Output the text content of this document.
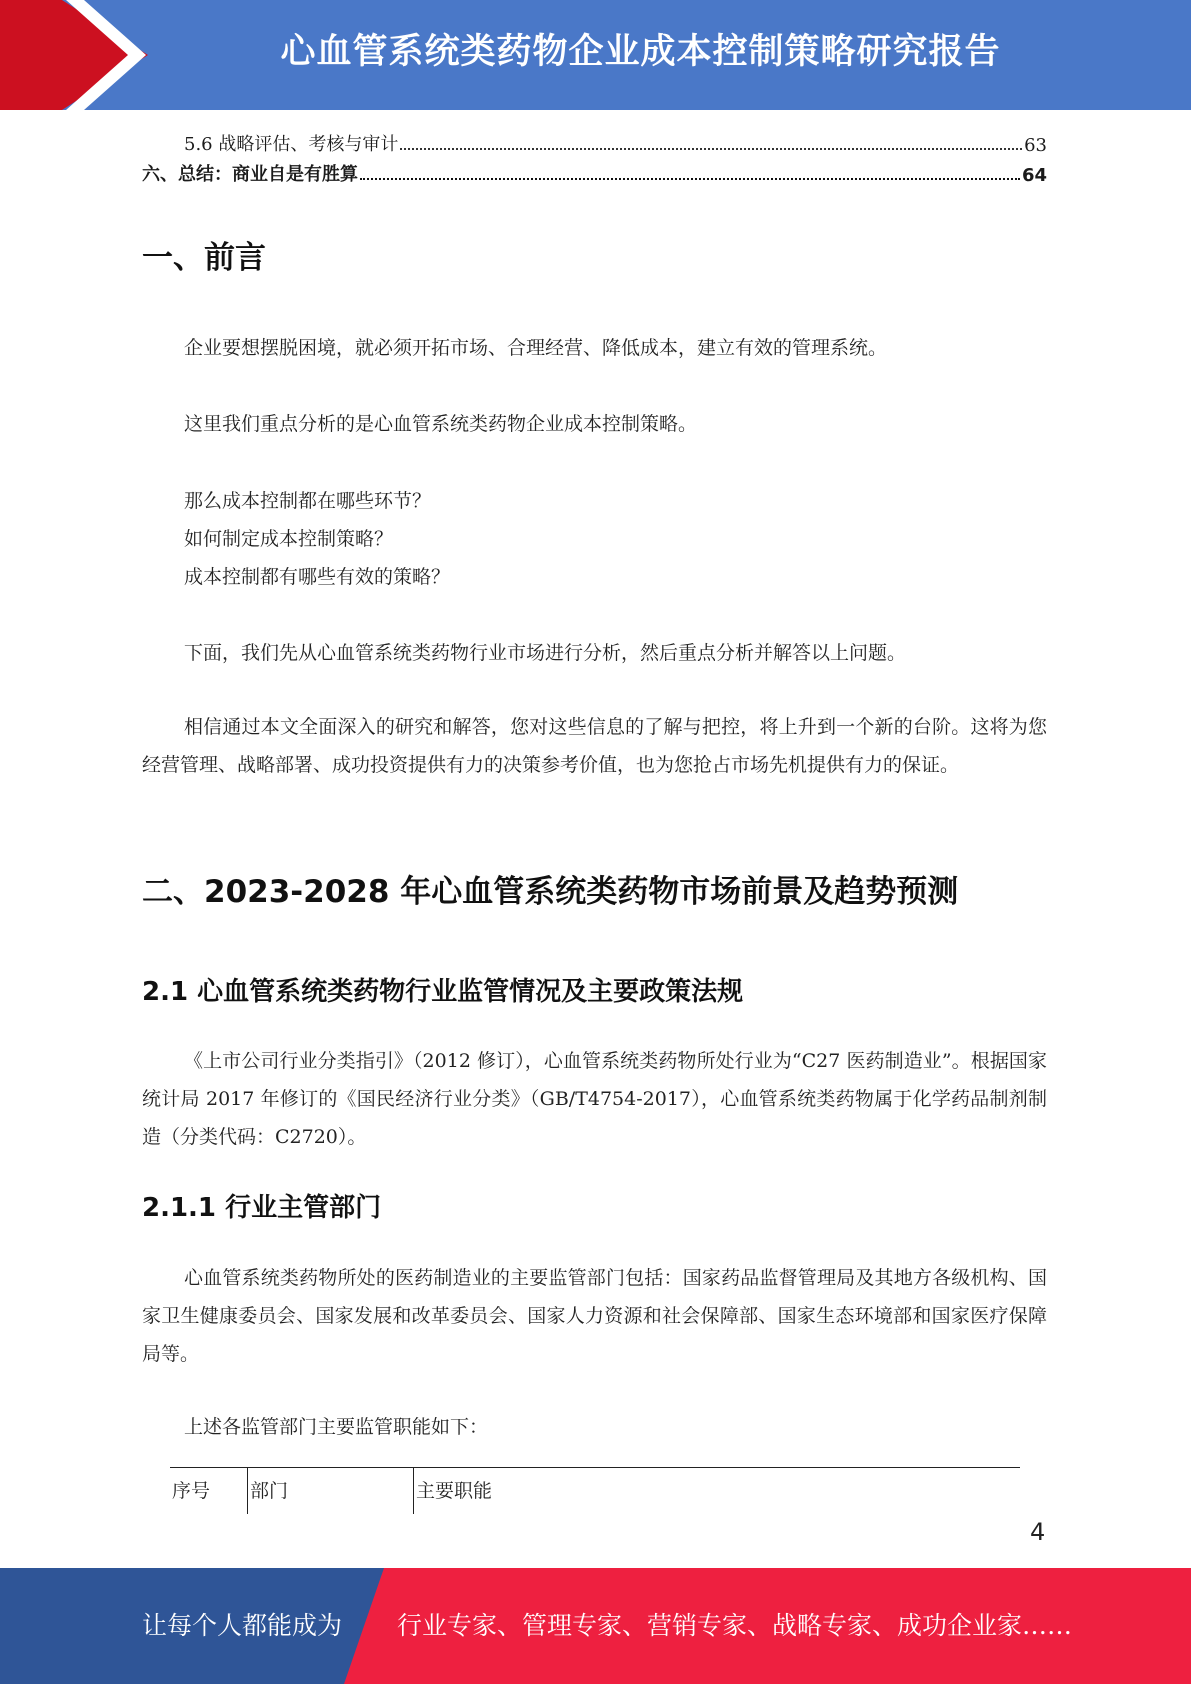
心血管系统类药物企业成本控制策略研究报告
5.6 战略评估、考核与审计	63
六、总结：商业自是有胜算	64
一、前言
企业要想摆脱困境，就必须开拓市场、合理经营、降低成本，建立有效的管理系统。
这里我们重点分析的是心血管系统类药物企业成本控制策略。
那么成本控制都在哪些环节？
如何制定成本控制策略？
成本控制都有哪些有效的策略？
下面，我们先从心血管系统类药物行业市场进行分析，然后重点分析并解答以上问题。
相信通过本文全面深入的研究和解答，您对这些信息的了解与把控，将上升到一个新的台阶。这将为您经营管理、战略部署、成功投资提供有力的决策参考价值，也为您抢占市场先机提供有力的保证。
二、2023-2028 年心血管系统类药物市场前景及趋势预测
2.1 心血管系统类药物行业监管情况及主要政策法规
《上市公司行业分类指引》（2012 修订），心血管系统类药物所处行业为“C27 医药制造业”。根据国家统计局 2017 年修订的《国民经济行业分类》（GB/T4754-2017），心血管系统类药物属于化学药品制剂制造（分类代码：C2720）。
2.1.1 行业主管部门
心血管系统类药物所处的医药制造业的主要监管部门包括：国家药品监督管理局及其地方各级机构、国家卫生健康委员会、国家发展和改革委员会、国家人力资源和社会保障部、国家生态环境部和国家医疗保障局等。
上述各监管部门主要监管职能如下：
序号 部门	主要职能
4
让每个人都能成为 行业专家、管理专家、营销专家、战略专家、成功企业家……
